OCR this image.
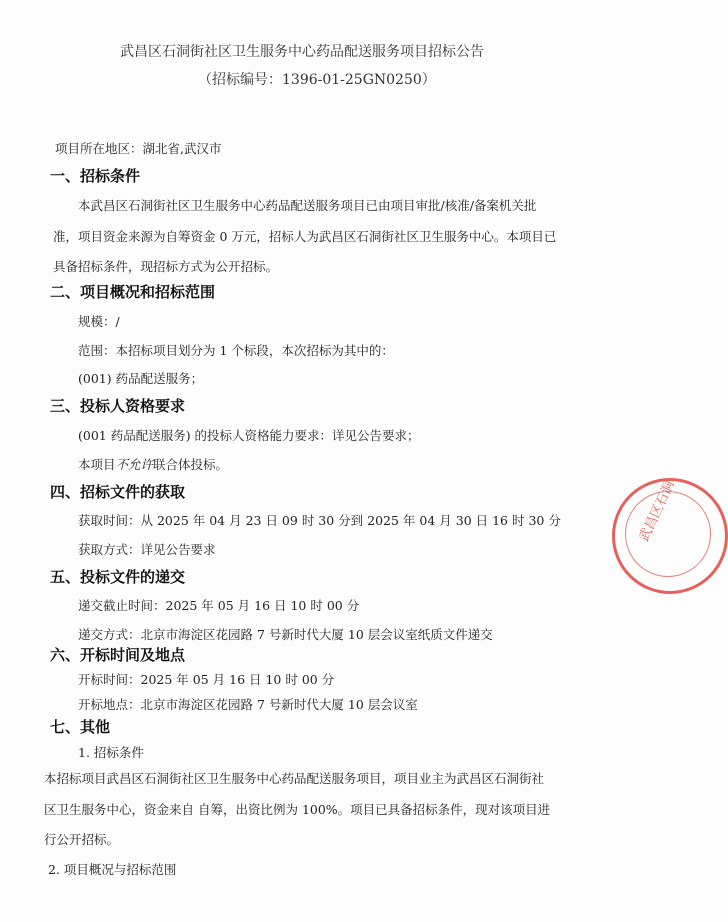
武昌区石洞街社区卫生服务中心药品配送服务项目招标公告
（招标编号：1396-01-25GN0250）
项目所在地区：湖北省,武汉市
一、招标条件
本武昌区石洞街社区卫生服务中心药品配送服务项目已由项目审批/核准/备案机关批
准，项目资金来源为自筹资金 0 万元，招标人为武昌区石洞街社区卫生服务中心。本项目已
具备招标条件，现招标方式为公开招标。
二、项目概况和招标范围
规模：/
范围：本招标项目划分为 1 个标段，本次招标为其中的：
(001) 药品配送服务；
三、投标人资格要求
(001 药品配送服务) 的投标人资格能力要求：详见公告要求；
本项目不允许联合体投标。
四、招标文件的获取
获取时间：从 2025 年 04 月 23 日 09 时 30 分到 2025 年 04 月 30 日 16 时 30 分
获取方式：详见公告要求
五、投标文件的递交
递交截止时间：2025 年 05 月 16 日 10 时 00 分
递交方式：北京市海淀区花园路 7 号新时代大厦 10 层会议室纸质文件递交
六、开标时间及地点
开标时间：2025 年 05 月 16 日 10 时 00 分
开标地点：北京市海淀区花园路 7 号新时代大厦 10 层会议室
七、其他
1. 招标条件
本招标项目武昌区石洞街社区卫生服务中心药品配送服务项目，项目业主为武昌区石洞街社
区卫生服务中心，资金来自 自筹，出资比例为 100%。项目已具备招标条件，现对该项目进
行公开招标。
2. 项目概况与招标范围
武昌区石洞
